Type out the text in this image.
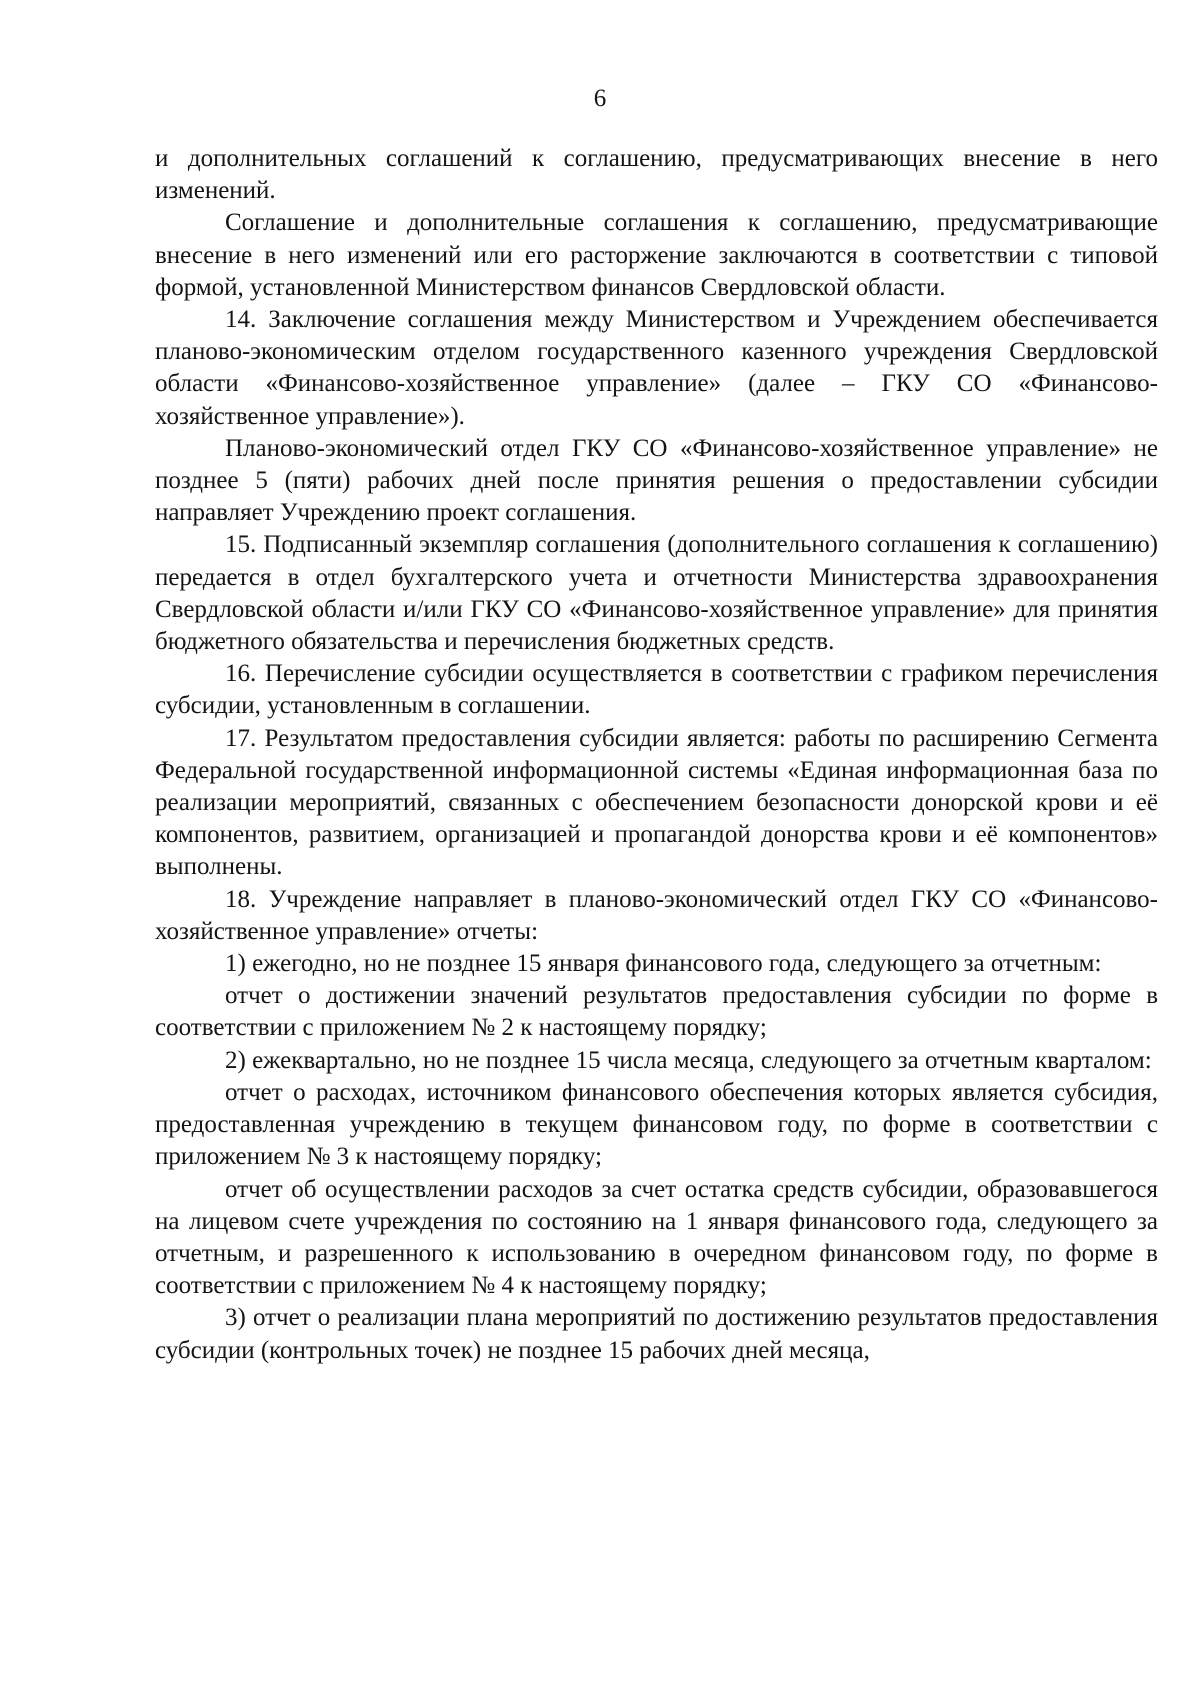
6

и дополнительных соглашений к соглашению, предусматривающих внесение в него изменений.

Соглашение и дополнительные соглашения к соглашению, предусматривающие внесение в него изменений или его расторжение заключаются в соответствии с типовой формой, установленной Министерством финансов Свердловской области.

14. Заключение соглашения между Министерством и Учреждением обеспечивается планово-экономическим отделом государственного казенного учреждения Свердловской области «Финансово-хозяйственное управление» (далее – ГКУ СО «Финансово-хозяйственное управление»).

Планово-экономический отдел ГКУ СО «Финансово-хозяйственное управление» не позднее 5 (пяти) рабочих дней после принятия решения о предоставлении субсидии направляет Учреждению проект соглашения.

15. Подписанный экземпляр соглашения (дополнительного соглашения к соглашению) передается в отдел бухгалтерского учета и отчетности Министерства здравоохранения Свердловской области и/или ГКУ СО «Финансово-хозяйственное управление» для принятия бюджетного обязательства и перечисления бюджетных средств.

16. Перечисление субсидии осуществляется в соответствии с графиком перечисления субсидии, установленным в соглашении.

17. Результатом предоставления субсидии является: работы по расширению Сегмента Федеральной государственной информационной системы «Единая информационная база по реализации мероприятий, связанных с обеспечением безопасности донорской крови и её компонентов, развитием, организацией и пропагандой донорства крови и её компонентов» выполнены.

18. Учреждение направляет в планово-экономический отдел ГКУ СО «Финансово-хозяйственное управление» отчеты:

1) ежегодно, но не позднее 15 января финансового года, следующего за отчетным:

отчет о достижении значений результатов предоставления субсидии по форме в соответствии с приложением № 2 к настоящему порядку;

2) ежеквартально, но не позднее 15 числа месяца, следующего за отчетным кварталом:

отчет о расходах, источником финансового обеспечения которых является субсидия, предоставленная учреждению в текущем финансовом году, по форме в соответствии с приложением № 3 к настоящему порядку;

отчет об осуществлении расходов за счет остатка средств субсидии, образовавшегося на лицевом счете учреждения по состоянию на 1 января финансового года, следующего за отчетным, и разрешенного к использованию в очередном финансовом году, по форме в соответствии с приложением № 4 к настоящему порядку;

3) отчет о реализации плана мероприятий по достижению результатов предоставления субсидии (контрольных точек) не позднее 15 рабочих дней месяца,
